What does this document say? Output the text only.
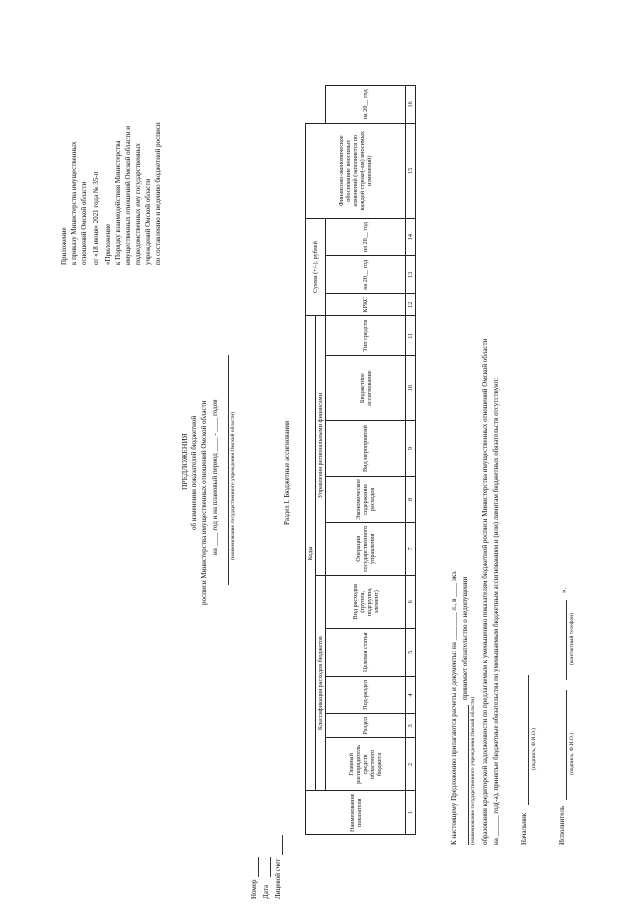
Приложение к приказу Министерства имущественных отношений Омской области от «18 июня» 2021 года № 35-п «Приложение к Порядку взаимодействия Министерства имущественных отношений Омской области и подведомственных ему государственных учреждений Омской области по составлению и ведению бюджетной росписи
ПРЕДЛОЖЕНИЯ об изменении показателей бюджетной росписи Министерства имущественных отношений Омской области на ____ год и на плановый период ____ - ____ годов (наименование государственного учреждения Омской области)
Номер Дата Лицевой счет
Раздел I. Бюджетные ассигнования
Наименование показателя	Коды										Сумма (+/-), рублей			Финансово-экономическое обоснование вносимых изменений (заполняется по каждой строке(-ам) вносимых изменений)	
	Классификация расходов бюджетов					Управления региональными финансами									
	Главный распорядитель средств областного бюджета	Раздел	Под-раздел	Целевая статья	Вид расходов (группа, подгруппа, элемент)	Операция государственного управления	Экономическое содержание расходов	Вид мероприятий	Бюджетное ассигнование	Тип средств	КРКС	на 20__ год	на 20__ год		на 20__ год
1	2	3	4	5	6	7	8	9	10	11	12	13	14	15	16
К настоящему Предложению прилагаются расчеты и документы: на ________ л., в ____ экз. принимает обязательство о недопущении
(наименование государственного учреждения Омской области) образования кредиторской задолженности по предлагаемым к уменьшению показателям бюджетной росписи Министерства имущественных отношений Омской области на ______ год(-а), принятые бюджетные обязательства по уменьшаемым бюджетным ассигнованиям и (или) лимитам бюджетных обязательств отсутствуют.	Начальник
(подпись, Ф.И.О.)
Исполнитель
(подпись, Ф.И.О.)
(контактный телефон)
».
